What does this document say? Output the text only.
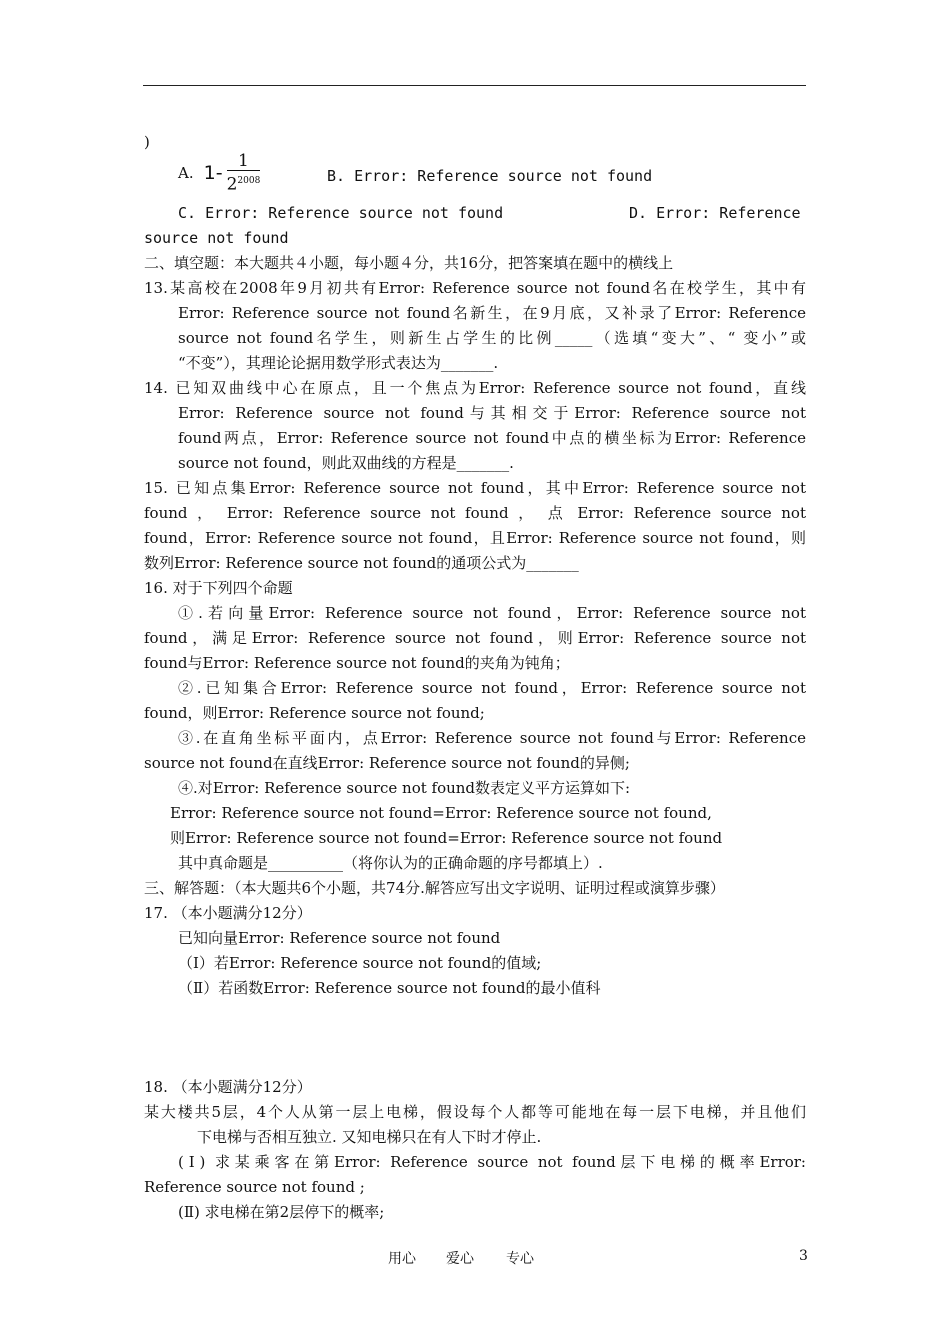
)
A. $1- \frac{1}{2^{2008}}$	B. Error: Reference source not found
C. Error: Reference source not found	D. Error: Reference
source not found
二、填空题：本大题共４小题，每小题４分，共16分，把答案填在题中的横线上
13.某高校在2008年9月初共有Error: Reference source not found名在校学生，其中有
Error: Reference source not found名新生，在9月底，又补录了Error: Reference
source not found名学生，则新生占学生的比例_____（选填“变大”、“ 变小”或
“不变”），其理论论据用数学形式表达为_______.
14. 已知双曲线中心在原点，且一个焦点为Error: Reference source not found，直线
Error: Reference source not found与其相交于Error: Reference source not
found两点，Error: Reference source not found中点的横坐标为Error: Reference
source not found，则此双曲线的方程是_______.
15. 已知点集Error: Reference source not found，其中Error: Reference source not
found ， Error: Reference source not found ， 点 Error: Reference source not
found，Error: Reference source not found，且Error: Reference source not found，则
数列Error: Reference source not found的通项公式为_______
16. 对于下列四个命题
①.若向量Error: Reference source not found，Error: Reference source not
found，满足Error: Reference source not found，则Error: Reference source not
found与Error: Reference source not found的夹角为钝角；
②.已知集合Error: Reference source not found，Error: Reference source not
found，则Error: Reference source not found;
③.在直角坐标平面内，点Error: Reference source not found与Error: Reference
source not found在直线Error: Reference source not found的异侧;
④.对Error: Reference source not found数表定义平方运算如下:
Error: Reference source not found=Error: Reference source not found,
则Error: Reference source not found=Error: Reference source not found
其中真命题是__________（将你认为的正确命题的序号都填上）.
三、解答题：（本大题共6个小题，共74分.解答应写出文字说明、证明过程或演算步骤）
17. （本小题满分12分）
已知向量Error: Reference source not found
（Ⅰ）若Error: Reference source not found的值域;
（Ⅱ）若函数Error: Reference source not found的最小值科
18. （本小题满分12分）
某大楼共5层，4个人从第一层上电梯，假设每个人都等可能地在每一层下电梯，并且他们
下电梯与否相互独立. 又知电梯只在有人下时才停止.
(Ⅰ) 求某乘客在第Error: Reference source not found层下电梯的概率Error:
Reference source not found ;
(Ⅱ) 求电梯在第2层停下的概率;
用心 爱心 专心	3
